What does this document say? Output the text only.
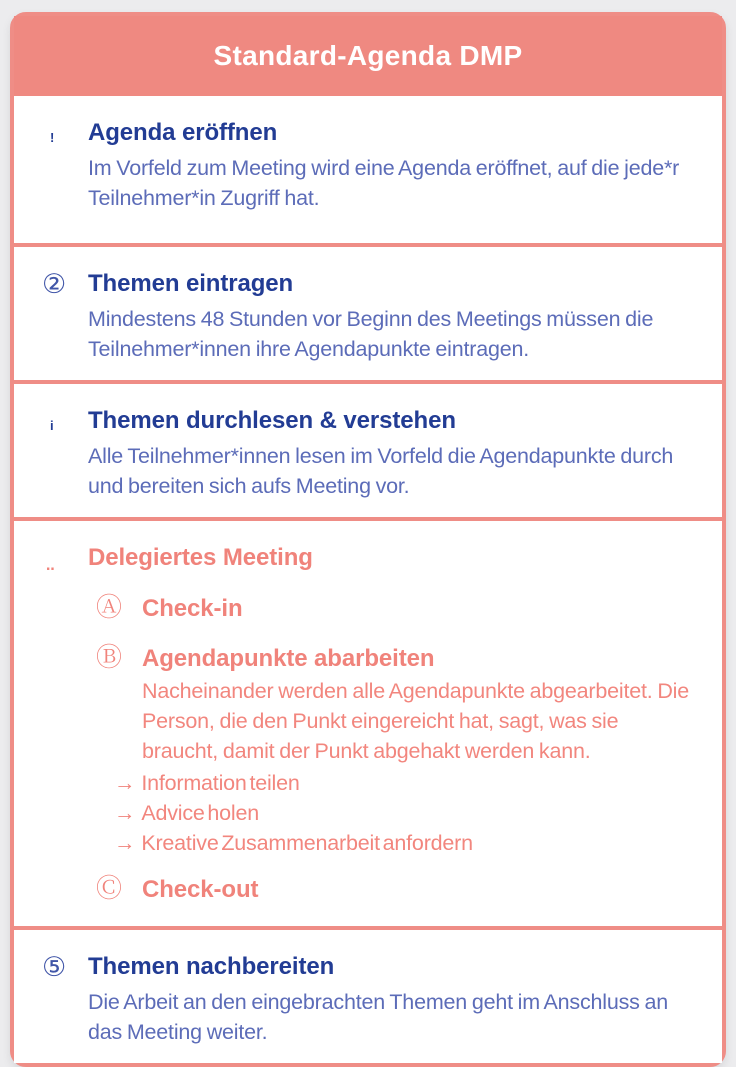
Standard-Agenda DMP
!	Agenda eröffnen

Im Vorfeld zum Meeting wird eine Agenda eröffnet, auf die jede*r Teilnehmer*in Zugriff hat.

② Themen eintragen

Mindestens 48 Stunden vor Beginn des Meetings müssen die Teilnehmer*innen ihre Agendapunkte eintragen.

i	Themen durchlesen & verstehen

Alle Teilnehmer*innen lesen im Vorfeld die Agendapunkte durch und bereiten sich aufs Meeting vor.

‥	Delegiertes Meeting
Ⓐ Check-in
Ⓑ Agendapunkte abarbeiten

Nacheinander werden alle Agendapunkte abgearbeitet. Die Person, die den Punkt eingereicht hat, sagt, was sie braucht, damit der Punkt abgehakt werden kann.

→ Information teilen
→ Advice holen
→ Kreative Zusammenarbeit anfordern
Ⓒ Check-out
⑤ Themen nachbereiten

Die Arbeit an den eingebrachten Themen geht im Anschluss an das Meeting weiter.
